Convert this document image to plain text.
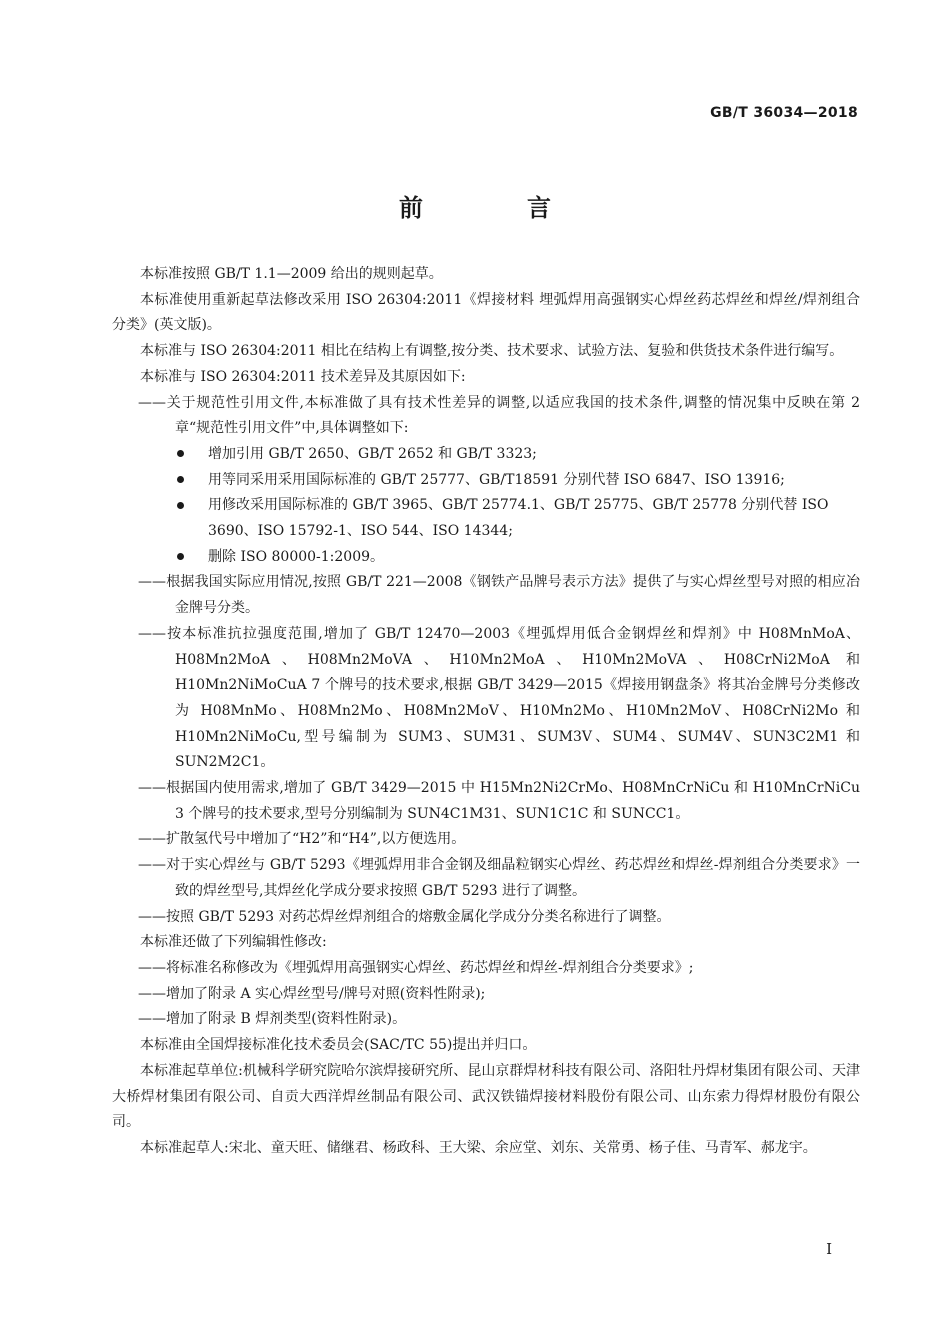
GB/T 36034—2018
前　言

本标准按照 GB/T 1.1—2009 给出的规则起草。

本标准使用重新起草法修改采用 ISO 26304:2011《焊接材料 埋弧焊用高强钢实心焊丝药芯焊丝和焊丝/焊剂组合 分类》(英文版)。

本标准与 ISO 26304:2011 相比在结构上有调整,按分类、技术要求、试验方法、复验和供货技术条件进行编写。

本标准与 ISO 26304:2011 技术差异及其原因如下:

——关于规范性引用文件,本标准做了具有技术性差异的调整,以适应我国的技术条件,调整的情况集中反映在第 2 章“规范性引用文件”中,具体调整如下:

增加引用 GB/T 2650、GB/T 2652 和 GB/T 3323;

用等同采用采用国际标准的 GB/T 25777、GB/T18591 分别代替 ISO 6847、ISO 13916;

用修改采用国际标准的 GB/T 3965、GB/T 25774.1、GB/T 25775、GB/T 25778 分别代替 ISO 3690、ISO 15792-1、ISO 544、ISO 14344;

删除 ISO 80000-1:2009。

——根据我国实际应用情况,按照 GB/T 221—2008《钢铁产品牌号表示方法》提供了与实心焊丝型号对照的相应冶金牌号分类。

——按本标准抗拉强度范围,增加了 GB/T 12470—2003《埋弧焊用低合金钢焊丝和焊剂》中 H08MnMoA、H08Mn2MoA、H08Mn2MoVA、H10Mn2MoA、H10Mn2MoVA、H08CrNi2MoA 和 H10Mn2NiMoCuA 7 个牌号的技术要求,根据 GB/T 3429—2015《焊接用钢盘条》将其冶金牌号分类修改为 H08MnMo、H08Mn2Mo、H08Mn2MoV、H10Mn2Mo、H10Mn2MoV、H08CrNi2Mo 和 H10Mn2NiMoCu,型号编制为 SUM3、SUM31、SUM3V、SUM4、SUM4V、SUN3C2M1 和 SUN2M2C1。

——根据国内使用需求,增加了 GB/T 3429—2015 中 H15Mn2Ni2CrMo、H08MnCrNiCu 和 H10MnCrNiCu 3 个牌号的技术要求,型号分别编制为 SUN4C1M31、SUN1C1C 和 SUNCC1。

——扩散氢代号中增加了“H2”和“H4”,以方便选用。

——对于实心焊丝与 GB/T 5293《埋弧焊用非合金钢及细晶粒钢实心焊丝、药芯焊丝和焊丝-焊剂组合分类要求》一致的焊丝型号,其焊丝化学成分要求按照 GB/T 5293 进行了调整。

——按照 GB/T 5293 对药芯焊丝焊剂组合的熔敷金属化学成分分类名称进行了调整。

本标准还做了下列编辑性修改:

——将标准名称修改为《埋弧焊用高强钢实心焊丝、药芯焊丝和焊丝-焊剂组合分类要求》;

——增加了附录 A 实心焊丝型号/牌号对照(资料性附录);

——增加了附录 B 焊剂类型(资料性附录)。

本标准由全国焊接标准化技术委员会(SAC/TC 55)提出并归口。

本标准起草单位:机械科学研究院哈尔滨焊接研究所、昆山京群焊材科技有限公司、洛阳牡丹焊材集团有限公司、天津大桥焊材集团有限公司、自贡大西洋焊丝制品有限公司、武汉铁锚焊接材料股份有限公司、山东索力得焊材股份有限公司。

本标准起草人:宋北、童天旺、储继君、杨政科、王大梁、余应堂、刘东、关常勇、杨子佳、马青军、郝龙宇。

I
